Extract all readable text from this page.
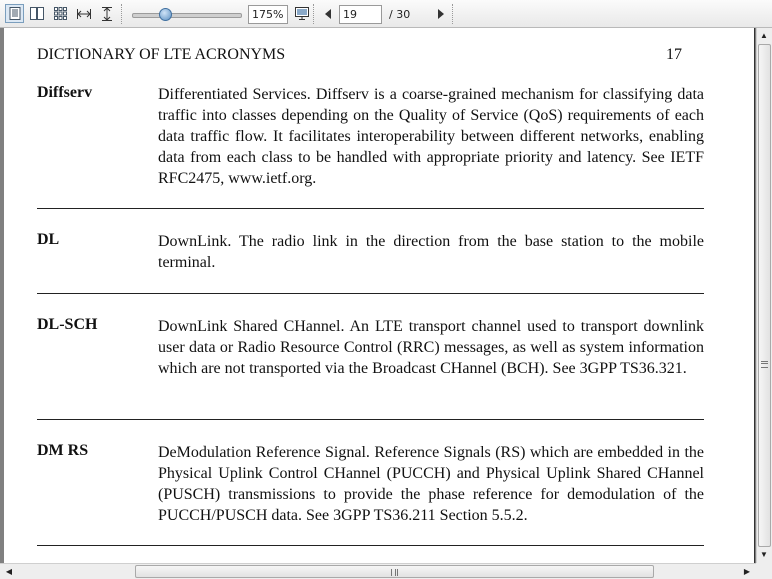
175%	19	/ 30
DICTIONARY OF LTE ACRONYMS	17
Diffserv	Differentiated Services. Diffserv is a coarse-grained mechanism for classifying data traffic into classes depending on the Quality of Service (QoS) requirements of each data traffic flow. It facilitates interoperability between different networks, enabling data from each class to be handled with appropriate priority and latency. See IETF RFC2475, www.ietf.org.
DL	DownLink. The radio link in the direction from the base station to the mobile terminal.
DL-SCH	DownLink Shared CHannel. An LTE transport channel used to transport downlink user data or Radio Resource Control (RRC) messages, as well as system information which are not transported via the Broadcast CHannel (BCH). See 3GPP TS36.321.
DM RS	DeModulation Reference Signal. Reference Signals (RS) which are embedded in the Physical Uplink Control CHannel (PUCCH) and Physical Uplink Shared CHannel (PUSCH) transmissions to provide the phase reference for demodulation of the PUCCH/PUSCH data. See 3GPP TS36.211 Section 5.5.2.
▲
▼
◀	▶
